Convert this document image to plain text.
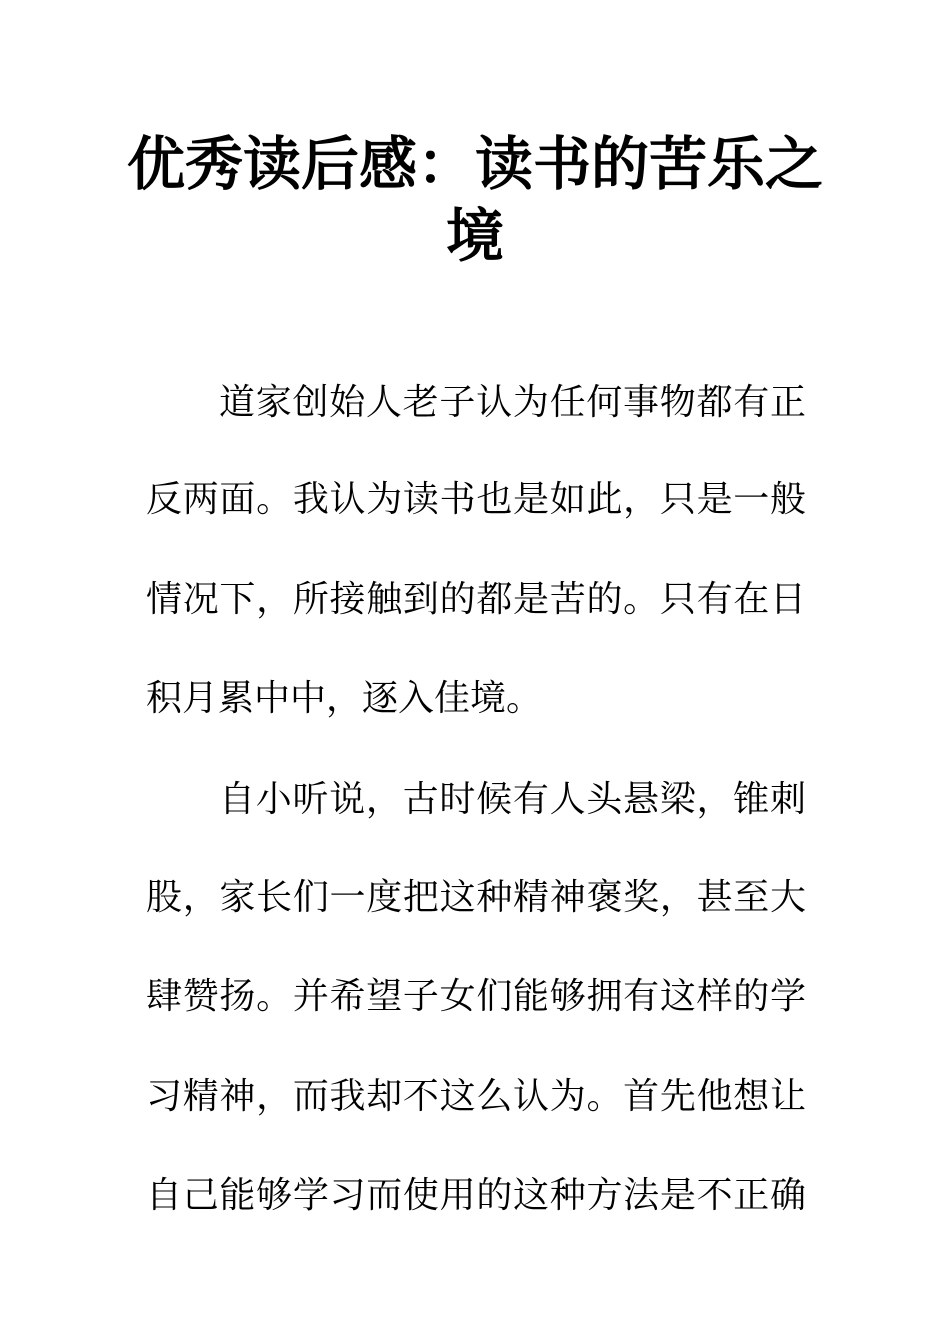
优秀读后感：读书的苦乐之境
道家创始人老子认为任何事物都有正
反两面。我认为读书也是如此，只是一般
情况下，所接触到的都是苦的。只有在日
积月累中中，逐入佳境。
自小听说，古时候有人头悬梁，锥刺
股，家长们一度把这种精神褒奖，甚至大
肆赞扬。并希望子女们能够拥有这样的学
习精神，而我却不这么认为。首先他想让
自己能够学习而使用的这种方法是不正确
